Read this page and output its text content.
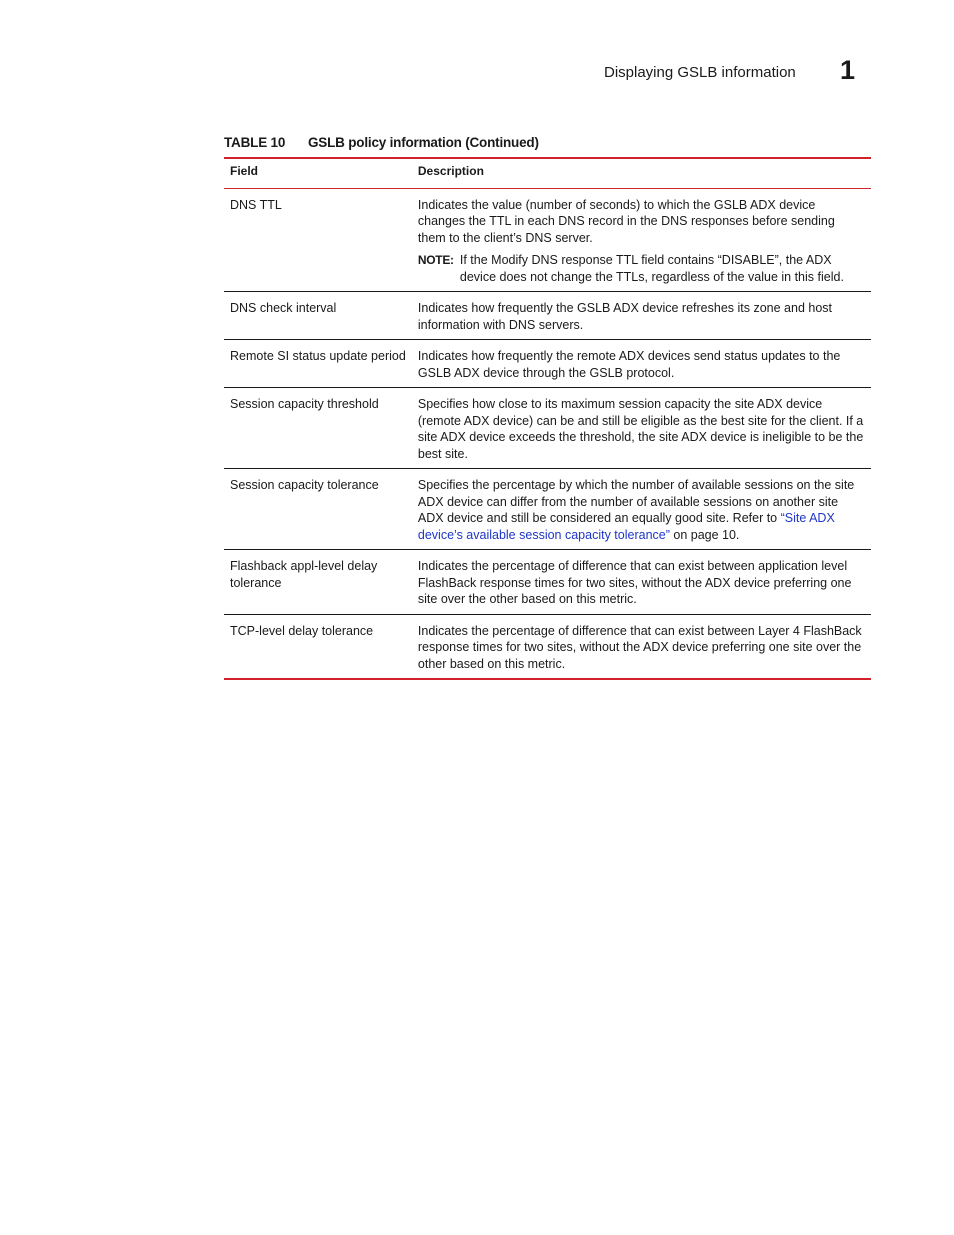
Displaying GSLB information 1
TABLE 10 GSLB policy information (Continued)
Field	Description
DNS TTL	Indicates the value (number of seconds) to which the GSLB ADX device changes the TTL in each DNS record in the DNS responses before sending them to the client’s DNS server.
NOTE: If the Modify DNS response TTL field contains “DISABLE”, the ADX device does not change the TTLs, regardless of the value in this field.

DNS check interval	Indicates how frequently the GSLB ADX device refreshes its zone and host information with DNS servers.
Remote SI status update period	Indicates how frequently the remote ADX devices send status updates to the GSLB ADX device through the GSLB protocol.
Session capacity threshold	Specifies how close to its maximum session capacity the site ADX device (remote ADX device) can be and still be eligible as the best site for the client. If a site ADX device exceeds the threshold, the site ADX device is ineligible to be the best site.
Session capacity tolerance	Specifies the percentage by which the number of available sessions on the site ADX device can differ from the number of available sessions on another site ADX device and still be considered an equally good site. Refer to “Site ADX device’s available session capacity tolerance” on page 10.
Flashback appl-level delay tolerance	Indicates the percentage of difference that can exist between application level FlashBack response times for two sites, without the ADX device preferring one site over the other based on this metric.
TCP-level delay tolerance	Indicates the percentage of difference that can exist between Layer 4 FlashBack response times for two sites, without the ADX device preferring one site over the other based on this metric.
